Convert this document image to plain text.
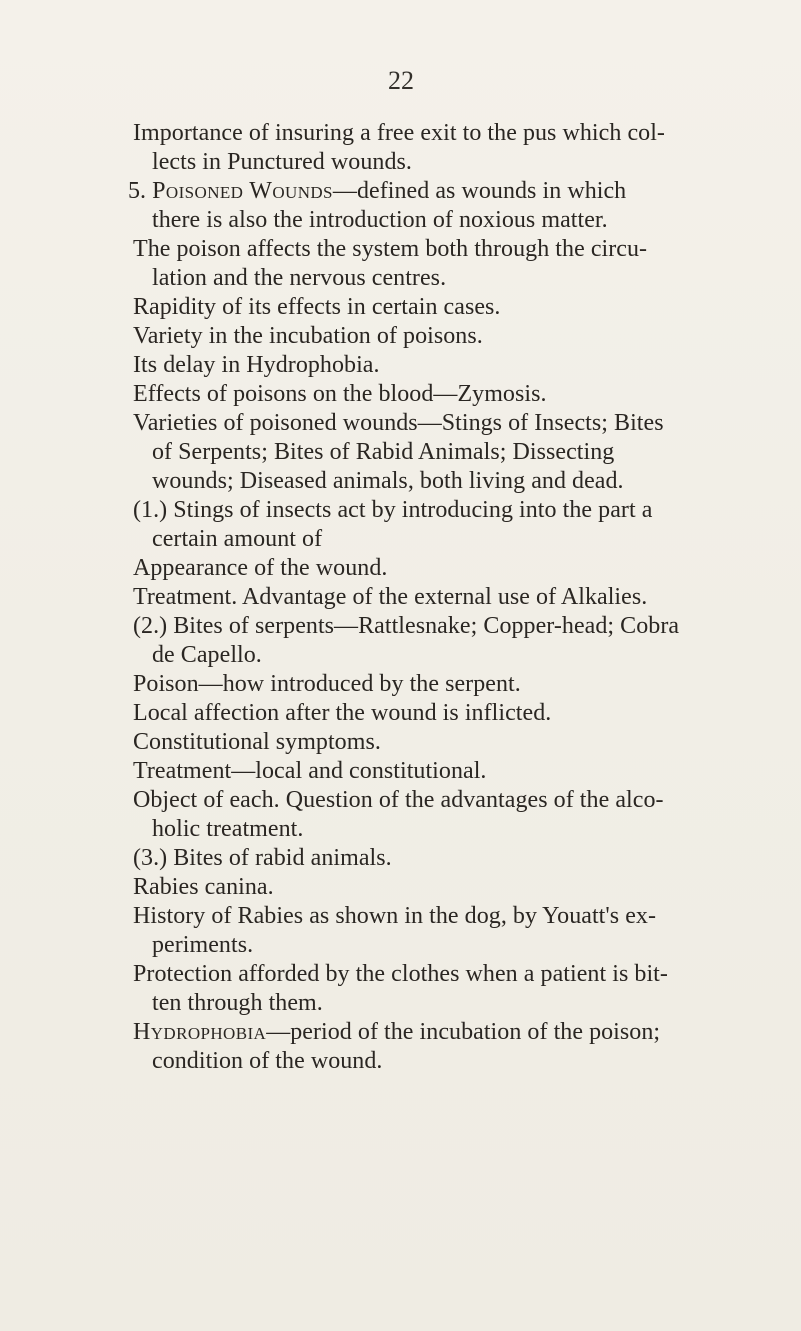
22
Importance of insuring a free exit to the pus which col-
lects in Punctured wounds.
5. Poisoned Wounds—defined as wounds in which
there is also the introduction of noxious matter.
The poison affects the system both through the circu-
lation and the nervous centres.
Rapidity of its effects in certain cases.
Variety in the incubation of poisons.
Its delay in Hydrophobia.
Effects of poisons on the blood—Zymosis.
Varieties of poisoned wounds—Stings of Insects; Bites
of Serpents; Bites of Rabid Animals; Dissecting
wounds; Diseased animals, both living and dead.
(1.) Stings of insects act by introducing into the part a
certain amount of
Appearance of the wound.
Treatment. Advantage of the external use of Alkalies.
(2.) Bites of serpents—Rattlesnake; Copper-head; Cobra
de Capello.
Poison—how introduced by the serpent.
Local affection after the wound is inflicted.
Constitutional symptoms.
Treatment—local and constitutional.
Object of each. Question of the advantages of the alco-
holic treatment.
(3.) Bites of rabid animals.
Rabies canina.
History of Rabies as shown in the dog, by Youatt's ex-
periments.
Protection afforded by the clothes when a patient is bit-
ten through them.
Hydrophobia—period of the incubation of the poison;
condition of the wound.
